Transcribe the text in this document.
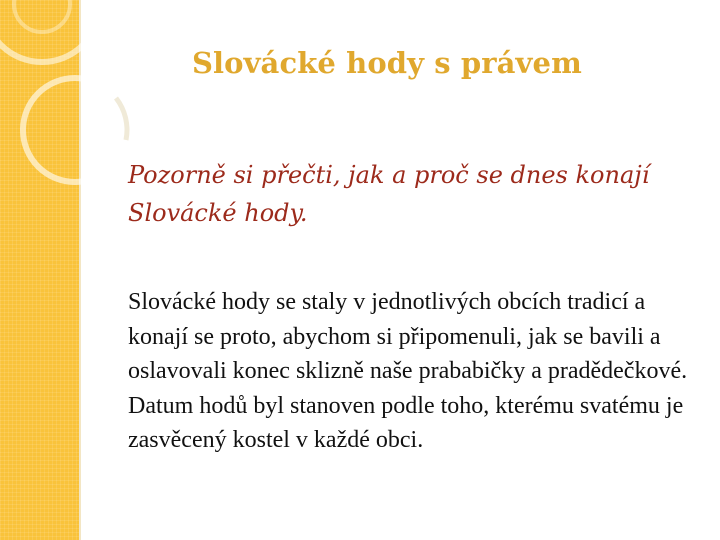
Slovácké hody s právem

Pozorně si přečti, jak a proč se dnes konají Slovácké hody.

Slovácké hody se staly v jednotlivých obcích tradicí a konají se proto, abychom si připomenuli, jak se bavili a oslavovali konec sklizně naše prababičky a pradědečkové. Datum hodů byl stanoven podle toho, kterému svatému je zasvěcený kostel v každé obci.
